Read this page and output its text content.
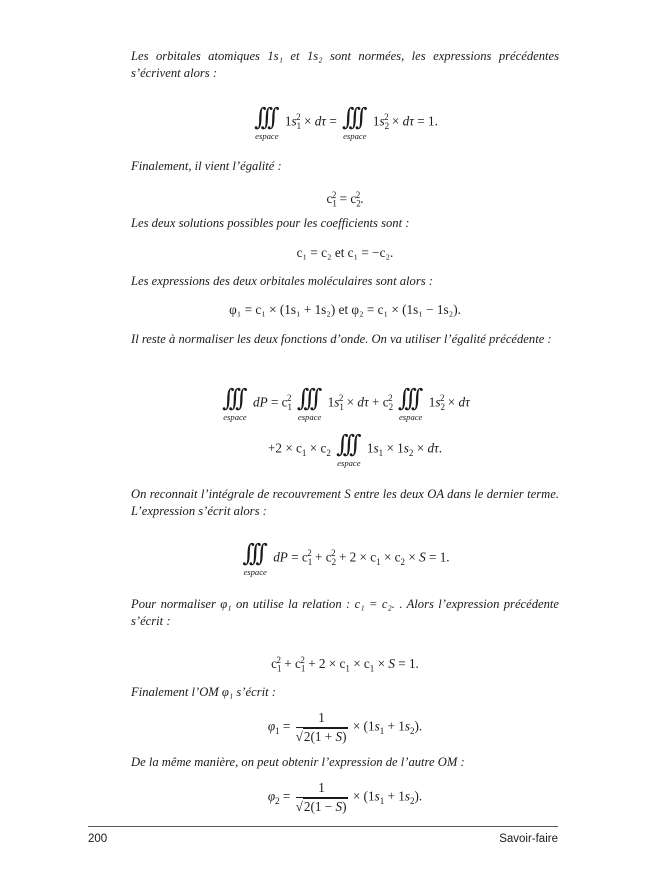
Les orbitales atomiques 1s₁ et 1s₂ sont normées, les expressions précédentes s’écrivent alors :
∫∫∫
espace
$1s_1^2 \times d\tau$ = ∫∫∫
espace
$1s_2^2 \times d\tau = 1$.
Finalement, il vient l’égalité :
$c_1^2 = c_2^2$.
Les deux solutions possibles pour les coefficients sont :
c₁ = c₂ et c₁ = −c₂.
Les expressions des deux orbitales moléculaires sont alors :
φ₁ = c₁ × (1s₁ + 1s₂) et φ₂ = c₁ × (1s₁ − 1s₂).
Il reste à normaliser les deux fonctions d’onde. On va utiliser l’égalité précédente :
∫∫∫
espace
dP = $c_1^2$ ∫∫∫
espace
$1s_1^2 \times d\tau + c_2^2$ ∫∫∫
espace
$1s_2^2 \times d\tau$
$+2 \times c_1 \times c_2$ ∫∫∫
espace
$1s_1 \times 1s_2 \times d\tau$.
On reconnait l’intégrale de recouvrement S entre les deux OA dans le dernier terme. L’expression s’écrit alors :
∫∫∫
espace
dP = $c_1^2 + c_2^2 + 2 \times c_1 \times c_2 \times S = 1$.
Pour normaliser φ₁ on utilise la relation : c₁ = c₂. . Alors l’expression précédente s’écrit :
$c_1^2 + c_1^2 + 2 \times c_1 \times c_1 \times S = 1$.
Finalement l’OM φ₁ s’écrit :
$\varphi_1 = \frac{1}{√2(1 + S)} \times (1s_1 + 1s_2)$.
De la même manière, on peut obtenir l’expression de l’autre OM :
$\varphi_2 = \frac{1}{√2(1 - S)} \times (1s_1 + 1s_2)$.
200	Savoir-faire
